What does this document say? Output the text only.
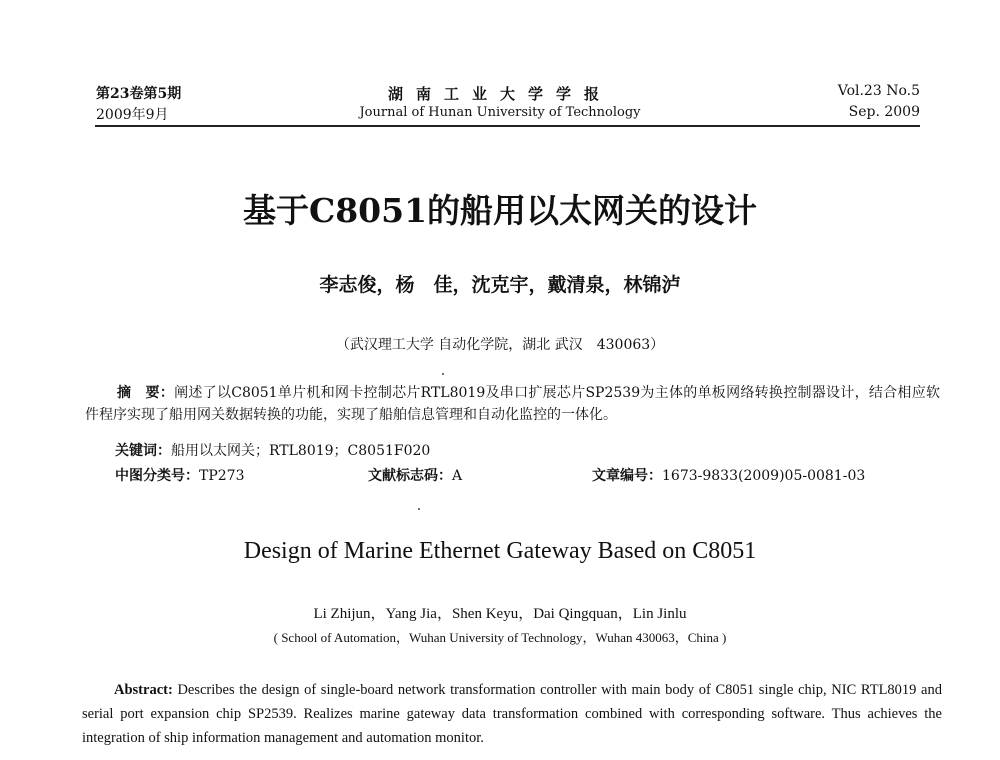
第23卷第5期
2009年9月
湖南工业大学学报
Journal of Hunan University of Technology
Vol.23 No.5
Sep. 2009
基于C8051的船用以太网关的设计
李志俊，杨　佳，沈克宇，戴清泉，林锦泸
（武汉理工大学 自动化学院，湖北 武汉　430063）
摘　要：阐述了以C8051单片机和网卡控制芯片RTL8019及串口扩展芯片SP2539为主体的单板网络转换控制器设计，结合相应软件程序实现了船用网关数据转换的功能，实现了船舶信息管理和自动化监控的一体化。
关键词：船用以太网关；RTL8019；C8051F020
中图分类号：TP273	文献标志码：A	文章编号：1673-9833(2009)05-0081-03
Design of Marine Ethernet Gateway Based on C8051
Li Zhijun，Yang Jia，Shen Keyu，Dai Qingquan，Lin Jinlu
( School of Automation，Wuhan University of Technology，Wuhan 430063，China )
Abstract: Describes the design of single-board network transformation controller with main body of C8051 single chip, NIC RTL8019 and serial port expansion chip SP2539. Realizes marine gateway data transformation combined with corresponding software. Thus achieves the integration of ship information management and automation monitor.
